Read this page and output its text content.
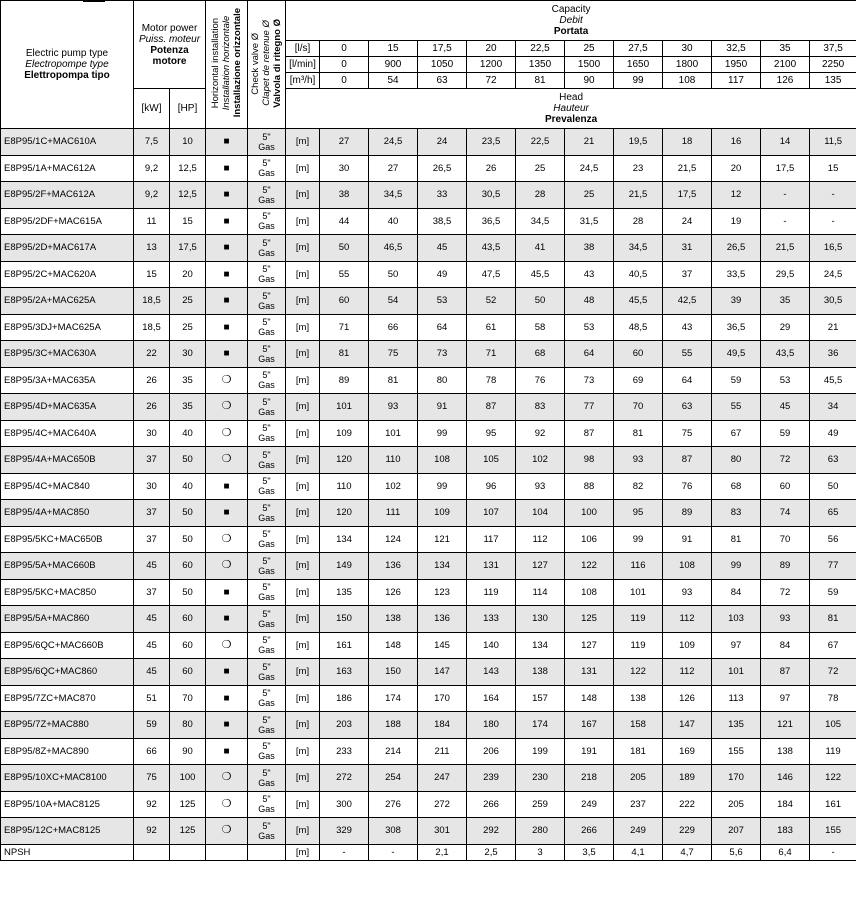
Electric pump type
Electropompe type
Elettropompa tipo	Motor power
Puiss. moteur
Potenza motore		Horizontal installation
Installation horizontale
Installazione orizzontale	Check valve Ø
Clapet de retenue Ø
Valvola di ritegno Ø	Capacity
Debit
Portata											
					[l/s]	0	15	17,5	20	22,5	25	27,5	30	32,5	35	37,5
					[l/min]	0	900	1050	1200	1350	1500	1650	1800	1950	2100	2250
					[m³/h]	0	54	63	72	81	90	99	108	117	126	135
	[kW]	[HP]			Head
Hauteur
Prevalenza											
E8P95/1C+MAC610A	7,5	10	■	5"
Gas	[m]	27	24,5	24	23,5	22,5	21	19,5	18	16	14	11,5
E8P95/1A+MAC612A	9,2	12,5	■	5"
Gas	[m]	30	27	26,5	26	25	24,5	23	21,5	20	17,5	15
E8P95/2F+MAC612A	9,2	12,5	■	5"
Gas	[m]	38	34,5	33	30,5	28	25	21,5	17,5	12	-	-
E8P95/2DF+MAC615A	11	15	■	5"
Gas	[m]	44	40	38,5	36,5	34,5	31,5	28	24	19	-	-
E8P95/2D+MAC617A	13	17,5	■	5"
Gas	[m]	50	46,5	45	43,5	41	38	34,5	31	26,5	21,5	16,5
E8P95/2C+MAC620A	15	20	■	5"
Gas	[m]	55	50	49	47,5	45,5	43	40,5	37	33,5	29,5	24,5
E8P95/2A+MAC625A	18,5	25	■	5"
Gas	[m]	60	54	53	52	50	48	45,5	42,5	39	35	30,5
E8P95/3DJ+MAC625A	18,5	25	■	5"
Gas	[m]	71	66	64	61	58	53	48,5	43	36,5	29	21
E8P95/3C+MAC630A	22	30	■	5"
Gas	[m]	81	75	73	71	68	64	60	55	49,5	43,5	36
E8P95/3A+MAC635A	26	35	❍	5"
Gas	[m]	89	81	80	78	76	73	69	64	59	53	45,5
E8P95/4D+MAC635A	26	35	❍	5"
Gas	[m]	101	93	91	87	83	77	70	63	55	45	34
E8P95/4C+MAC640A	30	40	❍	5"
Gas	[m]	109	101	99	95	92	87	81	75	67	59	49
E8P95/4A+MAC650B	37	50	❍	5"
Gas	[m]	120	110	108	105	102	98	93	87	80	72	63
E8P95/4C+MAC840	30	40	■	5"
Gas	[m]	110	102	99	96	93	88	82	76	68	60	50
E8P95/4A+MAC850	37	50	■	5"
Gas	[m]	120	111	109	107	104	100	95	89	83	74	65
E8P95/5KC+MAC650B	37	50	❍	5"
Gas	[m]	134	124	121	117	112	106	99	91	81	70	56
E8P95/5A+MAC660B	45	60	❍	5"
Gas	[m]	149	136	134	131	127	122	116	108	99	89	77
E8P95/5KC+MAC850	37	50	■	5"
Gas	[m]	135	126	123	119	114	108	101	93	84	72	59
E8P95/5A+MAC860	45	60	■	5"
Gas	[m]	150	138	136	133	130	125	119	112	103	93	81
E8P95/6QC+MAC660B	45	60	❍	5"
Gas	[m]	161	148	145	140	134	127	119	109	97	84	67
E8P95/6QC+MAC860	45	60	■	5"
Gas	[m]	163	150	147	143	138	131	122	112	101	87	72
E8P95/7ZC+MAC870	51	70	■	5"
Gas	[m]	186	174	170	164	157	148	138	126	113	97	78
E8P95/7Z+MAC880	59	80	■	5"
Gas	[m]	203	188	184	180	174	167	158	147	135	121	105
E8P95/8Z+MAC890	66	90	■	5"
Gas	[m]	233	214	211	206	199	191	181	169	155	138	119
E8P95/10XC+MAC8100	75	100	❍	5"
Gas	[m]	272	254	247	239	230	218	205	189	170	146	122
E8P95/10A+MAC8125	92	125	❍	5"
Gas	[m]	300	276	272	266	259	249	237	222	205	184	161
E8P95/12C+MAC8125	92	125	❍	5"
Gas	[m]	329	308	301	292	280	266	249	229	207	183	155
NPSH					[m]	-	-	2,1	2,5	3	3,5	4,1	4,7	5,6	6,4	-
